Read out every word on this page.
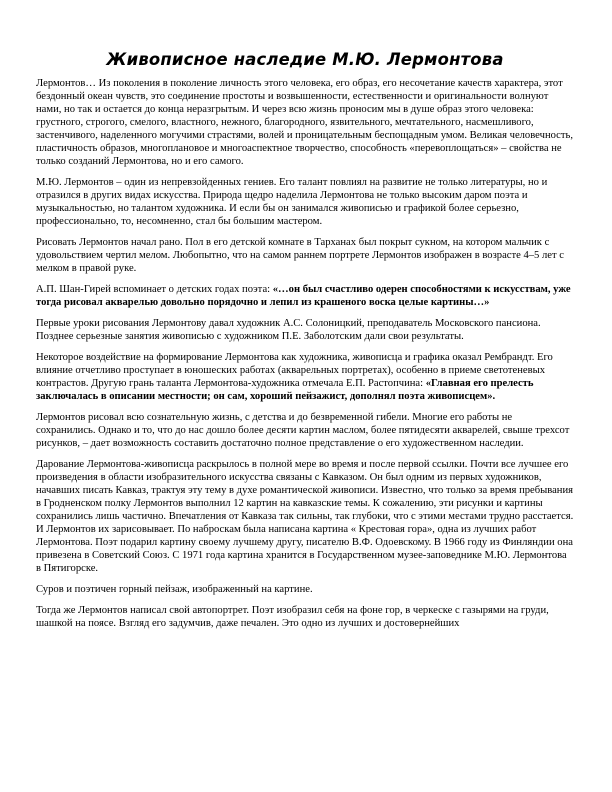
Живописное наследие М.Ю. Лермонтова

Лермонтов… Из поколения в поколение личность этого человека, его образ, его несочетание качеств характера, этот бездонный океан чувств, это соединение простоты и возвышенности, естественности и оригинальности волнуют нами, но так и остается до конца неразгрытым. И через всю жизнь проносим мы в душе образ этого человека: грустного, строгого, смелого, властного, нежного, благородного, язвительного, мечтательного, насмешливого, застенчивого, наделенного могучими страстями, волей и проницательным беспощадным умом. Великая человечность, пластичность образов, многоплановое и многоаспектное творчество, способность «перевоплощаться» – свойства не только созданий Лермонтова, но и его самого.

М.Ю. Лермонтов – один из непревзойденных гениев. Его талант повлиял на развитие не только литературы, но и отразился в других видах искусства. Природа щедро наделила Лермонтова не только высоким даром поэта и музыкальностью, но талантом художника. И если бы он занимался живописью и графикой более серьезно, профессионально, то, несомненно, стал бы большим мастером.

Рисовать Лермонтов начал рано. Пол в его детской комнате в Тарханах был покрыт сукном, на котором мальчик с удовольствием чертил мелом. Любопытно, что на самом раннем портрете Лермонтов изображен в возрасте 4–5 лет с мелком в правой руке.

А.П. Шан-Гирей вспоминает о детских годах поэта: «…он был счастливо одерен способностями к искусствам, уже тогда рисовал акварелью довольно порядочно и лепил из крашеного воска целые картины…»

Первые уроки рисования Лермонтову давал художник А.С. Солоницкий, преподаватель Московского пансиона. Позднее серьезные занятия живописью с художником П.Е. Заболотским дали свои результаты.

Некоторое воздействие на формирование Лермонтова как художника, живописца и графика оказал Рембрандт. Его влияние отчетливо проступает в юношеских работах (акварельных портретах), особенно в приеме светотеневых контрастов. Другую грань таланта Лермонтова-художника отмечала Е.П. Растопчина: «Главная его прелесть заключалась в описании местности; он сам, хороший пейзажист, дополнял поэта живописцем».

Лермонтов рисовал всю сознательную жизнь, с детства и до безвременной гибели. Многие его работы не сохранились. Однако и то, что до нас дошло более десяти картин маслом, более пятидесяти акварелей, свыше трехсот рисунков, – дает возможность составить достаточно полное представление о его художественном наследии.

Дарование Лермонтова-живописца раскрылось в полной мере во время и после первой ссылки. Почти все лучшее его произведения в области изобразительного искусства связаны с Кавказом. Он был одним из первых художников, начавших писать Кавказ, трактуя эту тему в духе романтической живописи. Известно, что только за время пребывания в Гродненском полку Лермонтов выполнил 12 картин на кавказские темы. К сожалению, эти рисунки и картины сохранились лишь частично. Впечатления от Кавказа так сильны, так глубоки, что с этими местами трудно расстается. И Лермонтов их зарисовывает. По наброскам была написана картина « Крестовая гора», одна из лучших работ Лермонтова. Поэт подарил картину своему лучшему другу, писателю В.Ф. Одоевскому. В 1966 году из Финляндии она привезена в Советский Союз. С 1971 года картина хранится в Государственном музее-заповеднике М.Ю. Лермонтова в Пятигорске.

Суров и поэтичен горный пейзаж, изображенный на картине.

Тогда же Лермонтов написал свой автопортрет. Поэт изобразил себя на фоне гор, в черкеске с газырями на груди, шашкой на поясе. Взгляд его задумчив, даже печален. Это одно из лучших и достовернейших
